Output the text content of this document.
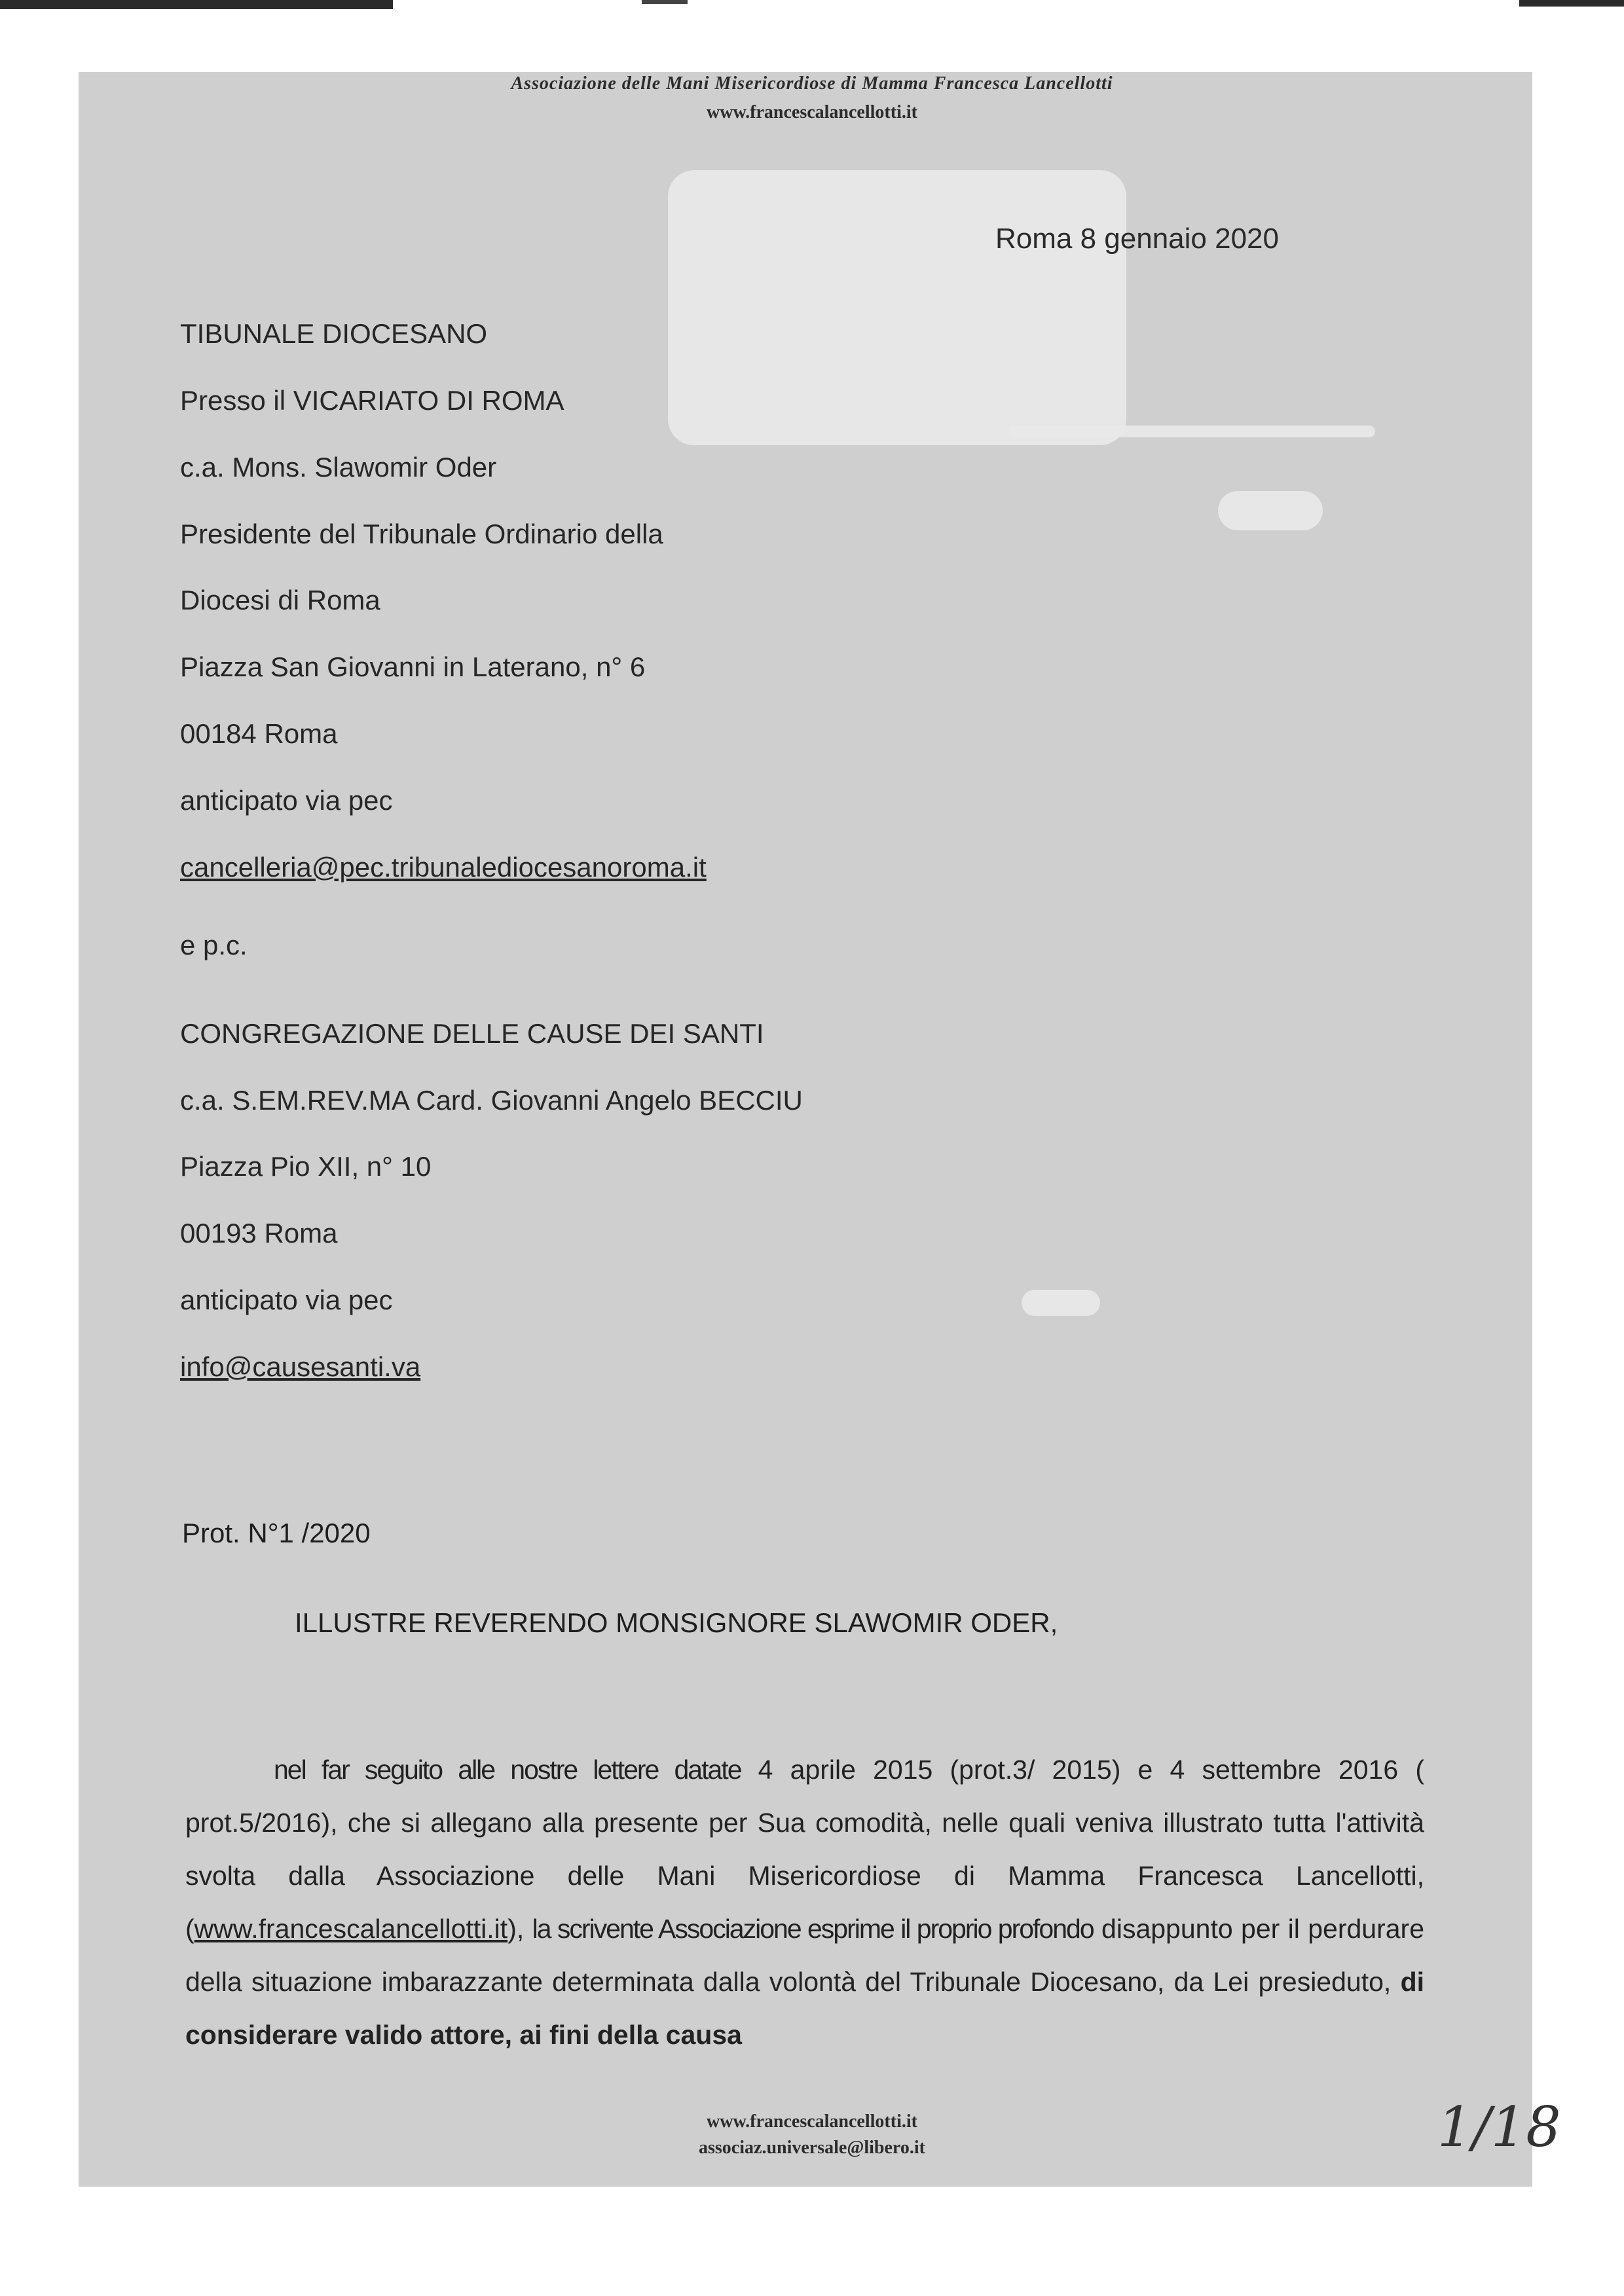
Associazione delle Mani Misericordiose di Mamma Francesca Lancellotti
www.francescalancellotti.it
Roma 8 gennaio 2020
TIBUNALE DIOCESANO
Presso il VICARIATO DI ROMA
c.a. Mons. Slawomir Oder
Presidente del Tribunale Ordinario della
Diocesi di Roma
Piazza San Giovanni in Laterano, n° 6
00184 Roma
anticipato via pec
cancelleria@pec.tribunalediocesanoroma.it
e p.c.
CONGREGAZIONE DELLE CAUSE DEI SANTI
c.a. S.EM.REV.MA Card. Giovanni Angelo BECCIU
Piazza Pio XII, n° 10
00193 Roma
anticipato via pec
info@causesanti.va
Prot. N°1 /2020
ILLUSTRE REVERENDO MONSIGNORE SLAWOMIR ODER,
nel far seguito alle nostre lettere datate 4 aprile 2015 (prot.3/ 2015) e 4 settembre 2016 ( prot.5/2016), che si allegano alla presente per Sua comodità, nelle quali veniva illustrato tutta l'attività svolta dalla Associazione delle Mani Misericordiose di Mamma Francesca Lancellotti, (www.francescalancellotti.it), la scrivente Associazione esprime il proprio profondo disappunto per il perdurare della situazione imbarazzante determinata dalla volontà del Tribunale Diocesano, da Lei presieduto, di considerare valido attore, ai fini della causa
www.francescalancellotti.it
associaz.universale@libero.it	1/18
